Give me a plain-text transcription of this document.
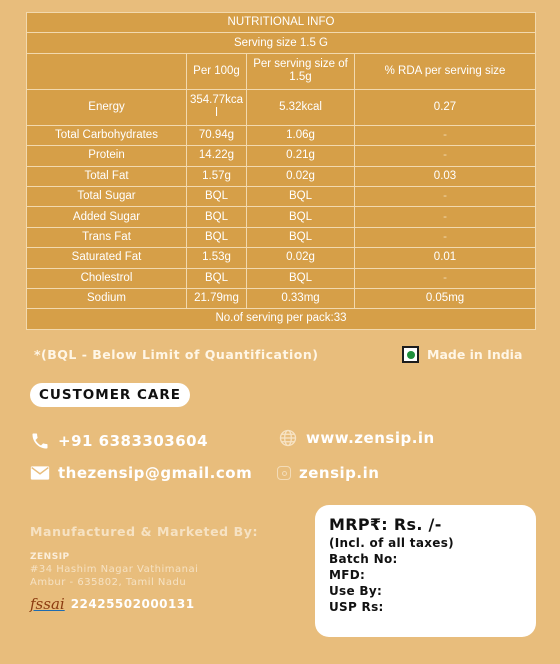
NUTRITIONAL INFO			
Serving size 1.5 G			
	Per 100g	Per serving size of 1.5g	% RDA per serving size
Energy	354.77kcal	5.32kcal	0.27
Total Carbohydrates	70.94g	1.06g	-
Protein	14.22g	0.21g	-
Total Fat	1.57g	0.02g	0.03
Total Sugar	BQL	BQL	-
Added Sugar	BQL	BQL	-
Trans Fat	BQL	BQL	-
Saturated Fat	1.53g	0.02g	0.01
Cholestrol	BQL	BQL	-
Sodium	21.79mg	0.33mg	0.05mg
No.of serving per pack:33			
*(BQL - Below Limit of Quantification)	Made in India
CUSTOMER CARE
+91 6383303604	www.zensip.in
thezensip@gmail.com	zensip.in
Manufactured & Marketed By:
ZENSIP
#34 Hashim Nagar Vathimanai
Ambur - 635802, Tamil Nadu
fssai 22425502000131
MRP₹: Rs. /-
(Incl. of all taxes)
Batch No:
MFD:
Use By:
USP Rs:
